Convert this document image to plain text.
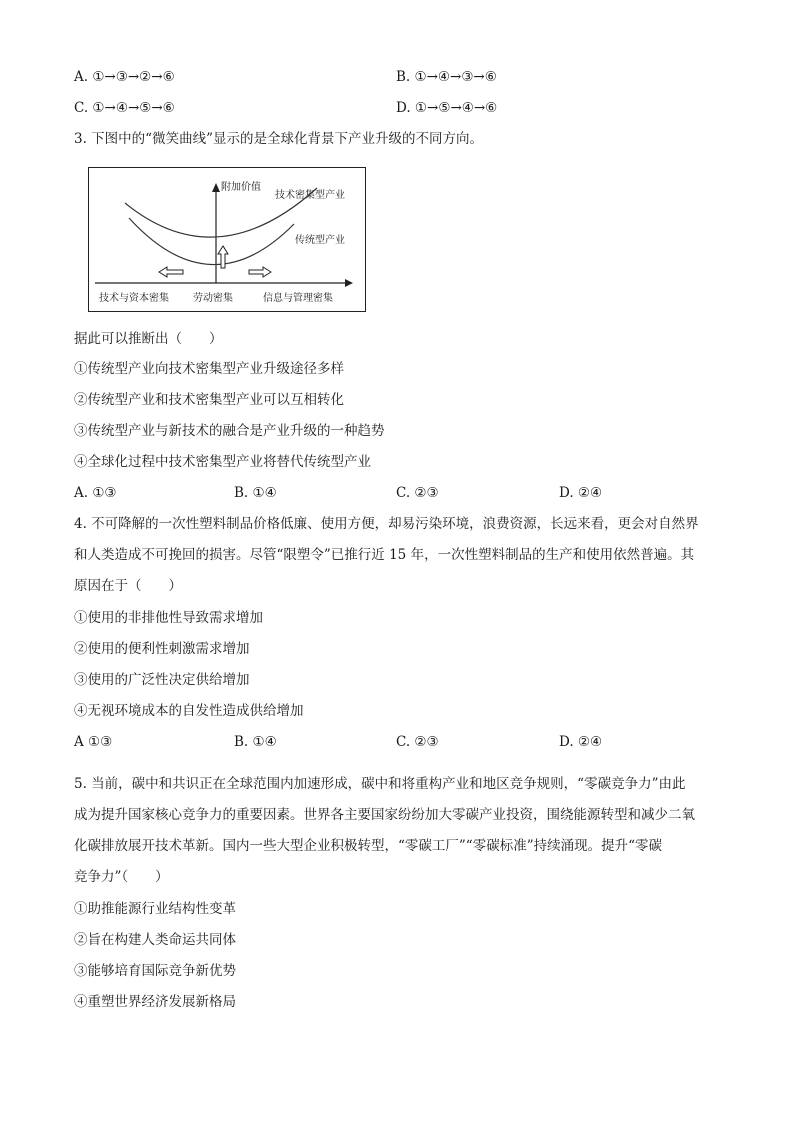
A. ①→③→②→⑥	B. ①→④→③→⑥
C. ①→④→⑤→⑥	D. ①→⑤→④→⑥
3. 下图中的“微笑曲线”显示的是全球化背景下产业升级的不同方向。
附加价值
技术密集型产业
传统型产业
技术与资本密集 劳动密集	信息与管理密集
据此可以推断出（　　）
①传统型产业向技术密集型产业升级途径多样
②传统型产业和技术密集型产业可以互相转化
③传统型产业与新技术的融合是产业升级的一种趋势
④全球化过程中技术密集型产业将替代传统型产业
A. ①③	B. ①④	C. ②③	D. ②④
4. 不可降解的一次性塑料制品价格低廉、使用方便，却易污染环境，浪费资源，长远来看，更会对自然界
和人类造成不可挽回的损害。尽管“限塑令”已推行近 15 年，一次性塑料制品的生产和使用依然普遍。其
原因在于（　　）
①使用的非排他性导致需求增加
②使用的便利性刺激需求增加
③使用的广泛性决定供给增加
④无视环境成本的自发性造成供给增加
A ①③	B. ①④	C. ②③	D. ②④
5. 当前，碳中和共识正在全球范围内加速形成，碳中和将重构产业和地区竞争规则，“零碳竞争力”由此
成为提升国家核心竞争力的重要因素。世界各主要国家纷纷加大零碳产业投资，围绕能源转型和减少二氧
化碳排放展开技术革新。国内一些大型企业积极转型，“零碳工厂”“零碳标准”持续涌现。提升“零碳
竞争力”（　　）
①助推能源行业结构性变革
②旨在构建人类命运共同体
③能够培育国际竞争新优势
④重塑世界经济发展新格局
